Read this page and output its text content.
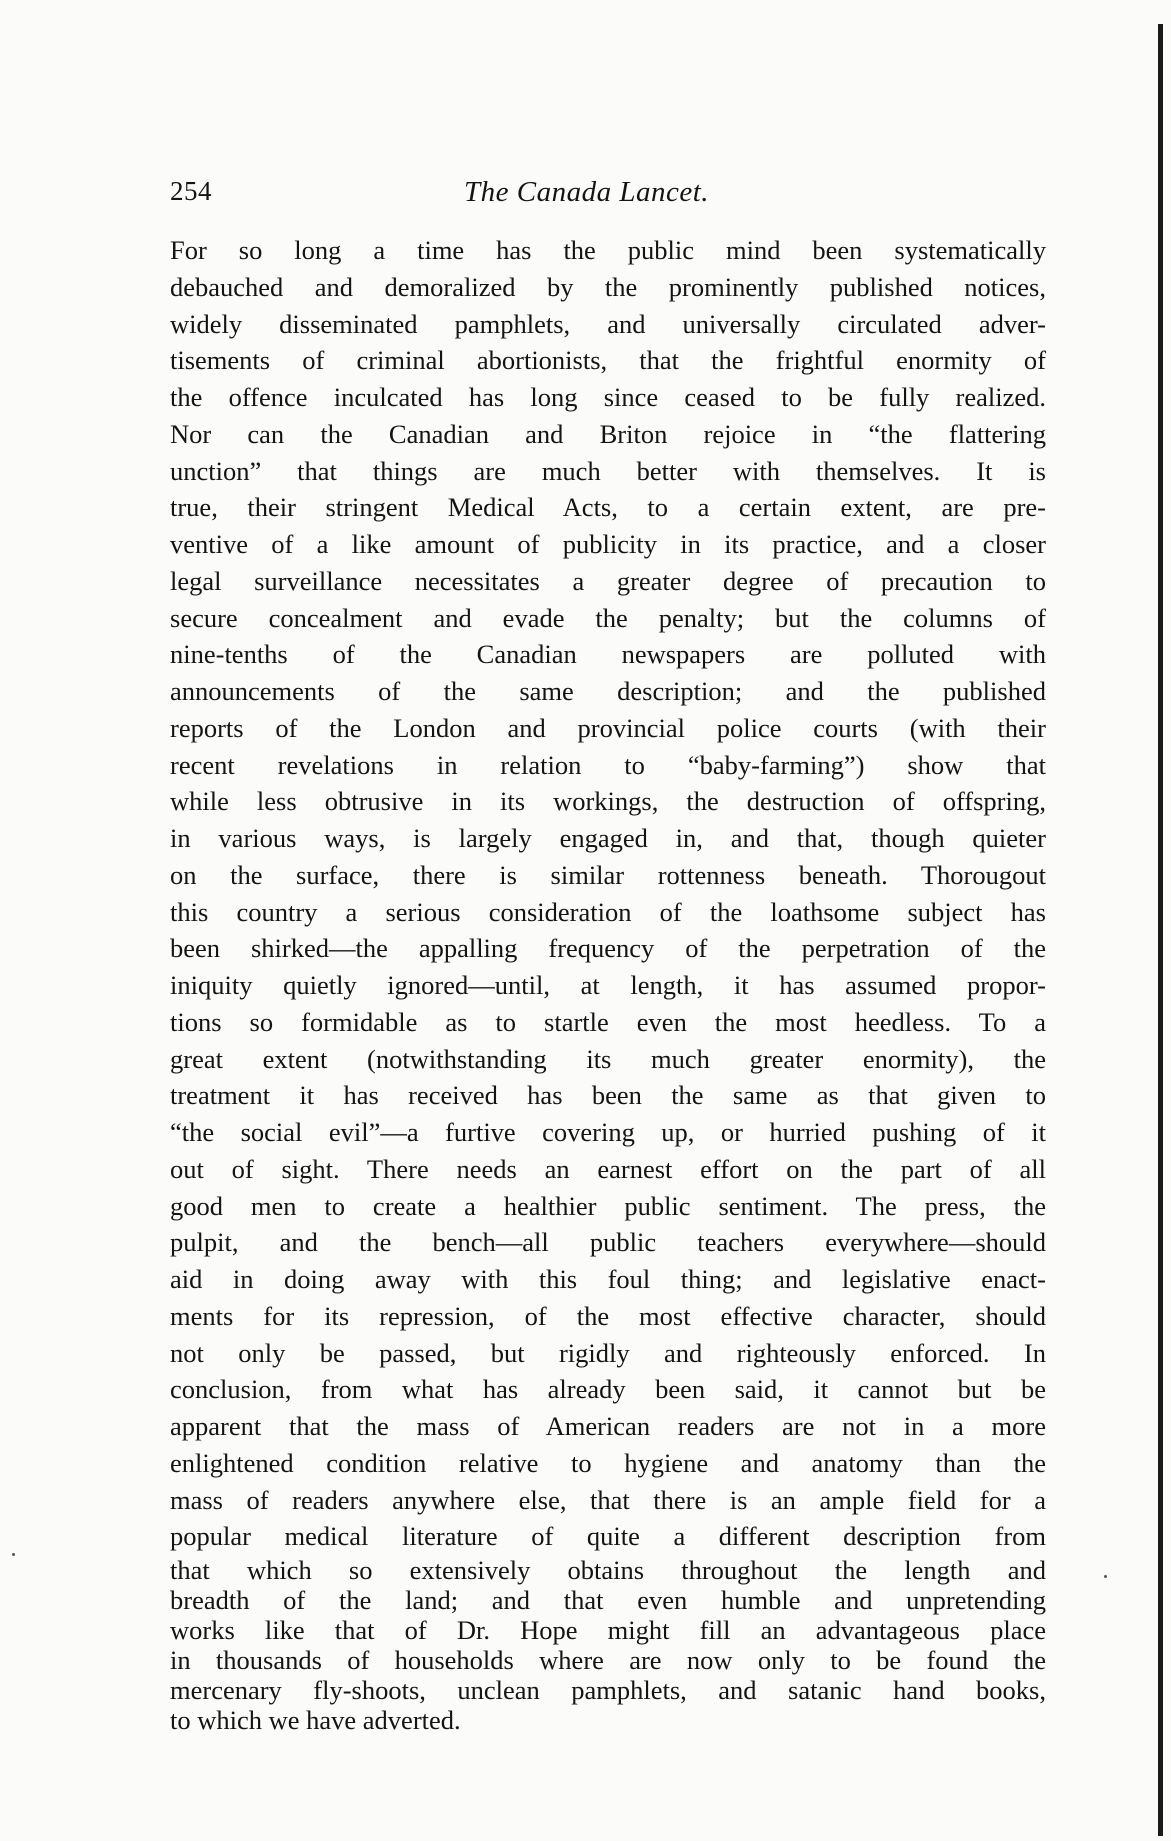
254	The Canada Lancet.
For so long a time has the public mind been systematically
debauched and demoralized by the prominently published notices,
widely disseminated pamphlets, and universally circulated adver-
tisements of criminal abortionists, that the frightful enormity of
the offence inculcated has long since ceased to be fully realized.
Nor can the Canadian and Briton rejoice in “the flattering
unction” that things are much better with themselves. It is
true, their stringent Medical Acts, to a certain extent, are pre-
ventive of a like amount of publicity in its practice, and a closer
legal surveillance necessitates a greater degree of precaution to
secure concealment and evade the penalty; but the columns of
nine-tenths of the Canadian newspapers are polluted with
announcements of the same description; and the published
reports of the London and provincial police courts (with their
recent revelations in relation to “baby-farming”) show that
while less obtrusive in its workings, the destruction of offspring,
in various ways, is largely engaged in, and that, though quieter
on the surface, there is similar rottenness beneath. Thorougout
this country a serious consideration of the loathsome subject has
been shirked—the appalling frequency of the perpetration of the
iniquity quietly ignored—until, at length, it has assumed propor-
tions so formidable as to startle even the most heedless. To a
great extent (notwithstanding its much greater enormity), the
treatment it has received has been the same as that given to
“the social evil”—a furtive covering up, or hurried pushing of it
out of sight. There needs an earnest effort on the part of all
good men to create a healthier public sentiment. The press, the
pulpit, and the bench—all public teachers everywhere—should
aid in doing away with this foul thing; and legislative enact-
ments for its repression, of the most effective character, should
not only be passed, but rigidly and righteously enforced. In
conclusion, from what has already been said, it cannot but be
apparent that the mass of American readers are not in a more
enlightened condition relative to hygiene and anatomy than the
mass of readers anywhere else, that there is an ample field for a
popular medical literature of quite a different description from
that which so extensively obtains throughout the length and
breadth of the land; and that even humble and unpretending
works like that of Dr. Hope might fill an advantageous place
in thousands of households where are now only to be found the
mercenary fly-shoots, unclean pamphlets, and satanic hand books,
to which we have adverted.
